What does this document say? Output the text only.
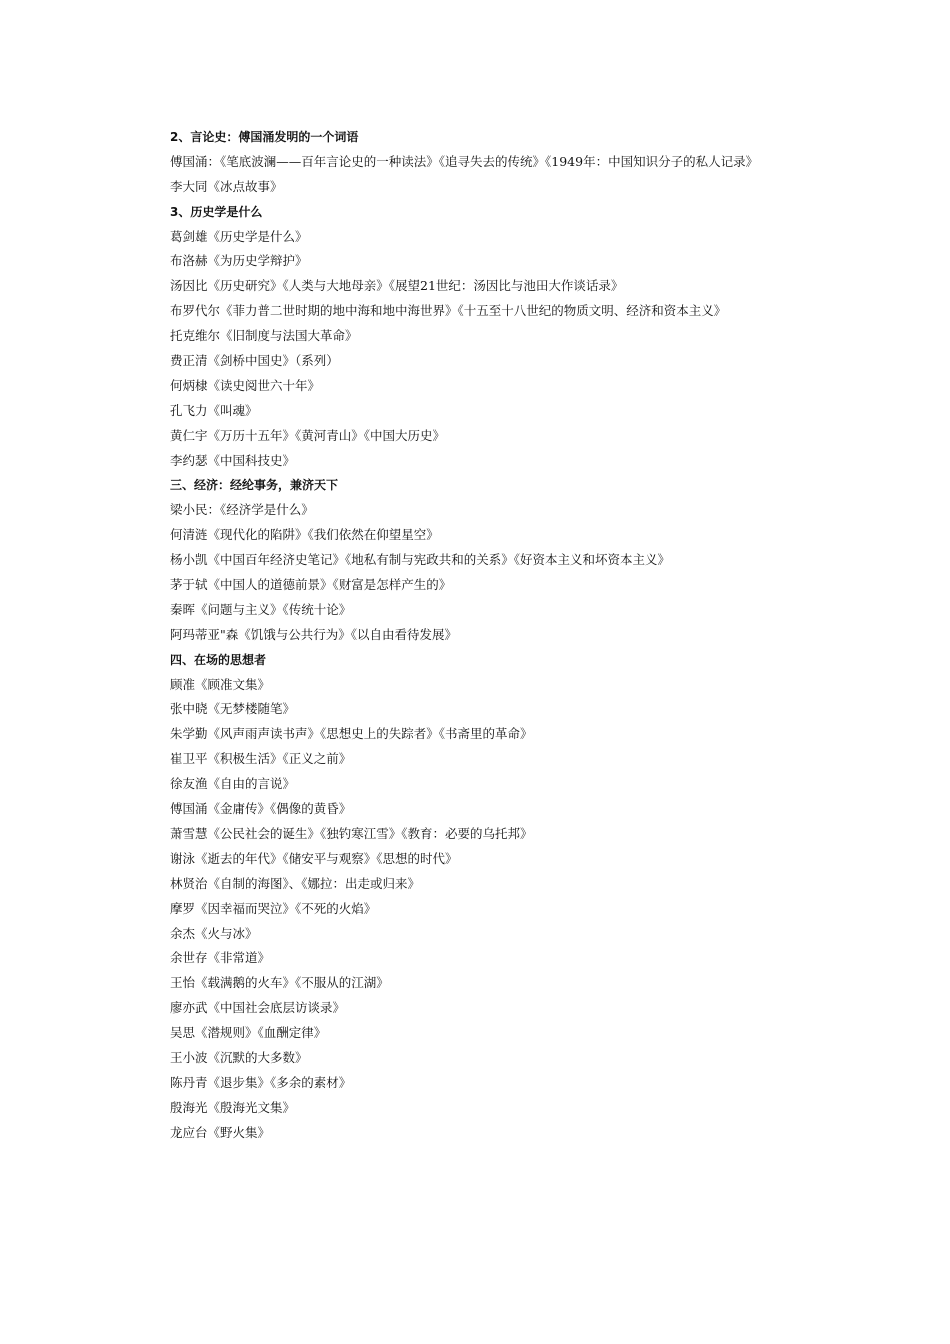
2、言论史：傅国涌发明的一个词语
傅国涌：《笔底波澜——百年言论史的一种读法》《追寻失去的传统》《1949年：中国知识分子的私人记录》
李大同《冰点故事》
3、历史学是什么
葛剑雄《历史学是什么》
布洛赫《为历史学辩护》
汤因比《历史研究》《人类与大地母亲》《展望21世纪：汤因比与池田大作谈话录》
布罗代尔《菲力普二世时期的地中海和地中海世界》《十五至十八世纪的物质文明、经济和资本主义》
托克维尔《旧制度与法国大革命》
费正清《剑桥中国史》（系列）
何炳棣《读史阅世六十年》
孔飞力《叫魂》
黄仁宇《万历十五年》《黄河青山》《中国大历史》
李约瑟《中国科技史》
三、经济：经纶事务，兼济天下
梁小民：《经济学是什么》
何清涟《现代化的陷阱》《我们依然在仰望星空》
杨小凯《中国百年经济史笔记》《地私有制与宪政共和的关系》《好资本主义和坏资本主义》
茅于轼《中国人的道德前景》《财富是怎样产生的》
秦晖《问题与主义》《传统十论》
阿玛蒂亚"森《饥饿与公共行为》《以自由看待发展》
四、在场的思想者
顾准《顾准文集》
张中晓《无梦楼随笔》
朱学勤《风声雨声读书声》《思想史上的失踪者》《书斋里的革命》
崔卫平《积极生活》《正义之前》
徐友渔《自由的言说》
傅国涌《金庸传》《偶像的黄昏》
萧雪慧《公民社会的诞生》《独钓寒江雪》《教育：必要的乌托邦》
谢泳《逝去的年代》《储安平与观察》《思想的时代》
林贤治《自制的海图》、《娜拉：出走或归来》
摩罗《因幸福而哭泣》《不死的火焰》
余杰《火与冰》
余世存《非常道》
王怡《载满鹅的火车》《不服从的江湖》
廖亦武《中国社会底层访谈录》
吴思《潜规则》《血酬定律》
王小波《沉默的大多数》
陈丹青《退步集》《多余的素材》
殷海光《殷海光文集》
龙应台《野火集》
